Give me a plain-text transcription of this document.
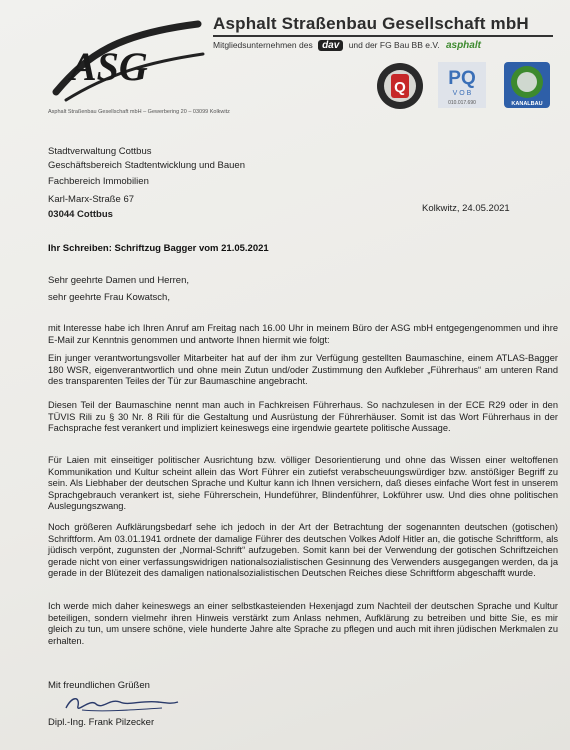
ASG
Asphalt Straßenbau Gesellschaft mbH
Mitgliedsunternehmen des dav und der FG Bau BB e.V. asphalt
Q PQ
V O B
010.017.690	KANALBAU
Asphalt Straßenbau Gesellschaft mbH – Gewerbering 20 – 03099 Kolkwitz
Stadtverwaltung Cottbus
Geschäftsbereich Stadtentwicklung und Bauen
Fachbereich Immobilien
Karl-Marx-Straße 67
03044 Cottbus
Kolkwitz, 24.05.2021
Ihr Schreiben: Schriftzug Bagger vom 21.05.2021
Sehr geehrte Damen und Herren,
sehr geehrte Frau Kowatsch,
mit Interesse habe ich Ihren Anruf am Freitag nach 16.00 Uhr in meinem Büro der ASG mbH entgegengenommen und ihre E-Mail zur Kenntnis genommen und antworte Ihnen hiermit wie folgt:
Ein junger verantwortungsvoller Mitarbeiter hat auf der ihm zur Verfügung gestellten Baumaschine, einem ATLAS-Bagger 180 WSR, eigenverantwortlich und ohne mein Zutun und/oder Zustimmung den Aufkleber „Führerhaus“ am unteren Rand des transparenten Teiles der Tür zur Baumaschine angebracht.
Diesen Teil der Baumaschine nennt man auch in Fachkreisen Führerhaus. So nachzulesen in der ECE R29 oder in den TÜVIS Rili zu § 30 Nr. 8 Rili für die Gestaltung und Ausrüstung der Führerhäuser. Somit ist das Wort Führerhaus in der Fachsprache fest verankert und impliziert keineswegs eine irgendwie geartete politische Aussage.
Für Laien mit einseitiger politischer Ausrichtung bzw. völliger Desorientierung und ohne das Wissen einer weltoffenen Kommunikation und Kultur scheint allein das Wort Führer ein zutiefst verabscheuungswürdiger bzw. anstößiger Begriff zu sein. Als Liebhaber der deutschen Sprache und Kultur kann ich Ihnen versichern, daß dieses einfache Wort fest in unserem Sprachgebrauch verankert ist, siehe Führerschein, Hundeführer, Blindenführer, Lokführer usw. Und dies ohne politischen Auslegungszwang.
Noch größeren Aufklärungsbedarf sehe ich jedoch in der Art der Betrachtung der sogenannten deutschen (gotischen) Schriftform. Am 03.01.1941 ordnete der damalige Führer des deutschen Volkes Adolf Hitler an, die gotische Schriftform, als jüdisch verpönt, zugunsten der „Normal-Schrift“ aufzugeben. Somit kann bei der Verwendung der gotischen Schriftzeichen gerade nicht von einer verfassungswidrigen nationalsozialistischen Gesinnung des Verwenders ausgegangen werden, da ja gerade in der Blütezeit des damaligen nationalsozialistischen Deutschen Reiches diese Schriftform abgeschafft wurde.
Ich werde mich daher keineswegs an einer selbstkasteienden Hexenjagd zum Nachteil der deutschen Sprache und Kultur beteiligen, sondern vielmehr ihren Hinweis verstärkt zum Anlass nehmen, Aufklärung zu betreiben und bitte Sie, es mir gleich zu tun, um unsere schöne, viele hunderte Jahre alte Sprache zu pflegen und auch mit ihren jüdischen Merkmalen zu erhalten.
Mit freundlichen Grüßen
Dipl.-Ing. Frank Pilzecker
